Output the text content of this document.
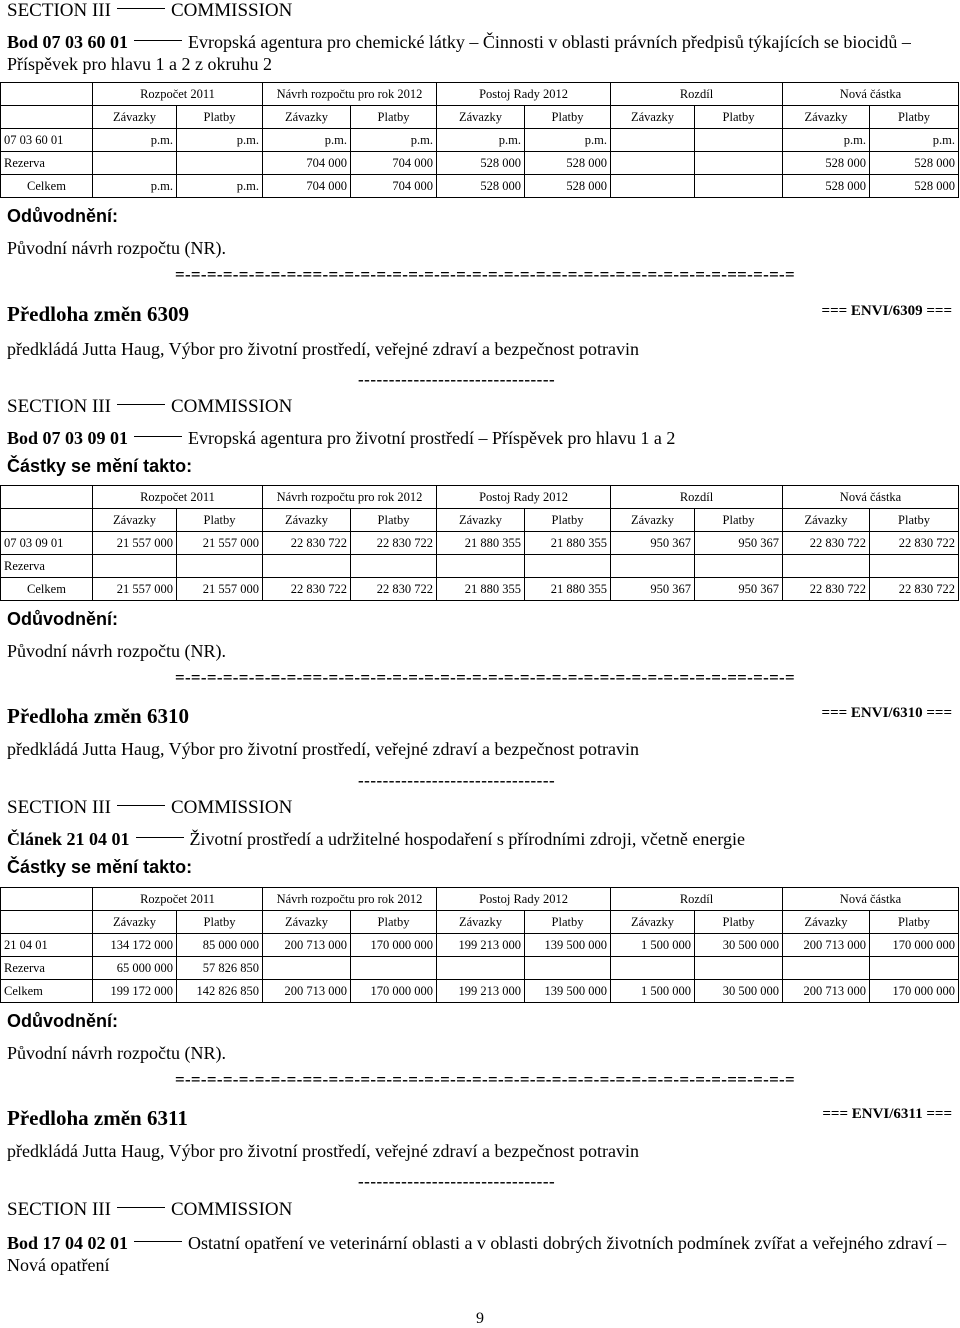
SECTION III	COMMISSION
Bod 07 03 60 01	Evropská agentura pro chemické látky – Činnosti v oblasti právních předpisů týkajících se biocidů – Příspěvek pro hlavu 1 a 2 z okruhu 2
	Rozpočet 2011		Návrh rozpočtu pro rok 2012		Postoj Rady 2012		Rozdíl		Nová částka	
	Závazky	Platby	Závazky	Platby	Závazky	Platby	Závazky	Platby	Závazky	Platby
07 03 60 01	p.m.	p.m.	p.m.	p.m.	p.m.	p.m.			p.m.	p.m.
Rezerva			704 000	704 000	528 000	528 000			528 000	528 000
Celkem	p.m.	p.m.	704 000	704 000	528 000	528 000			528 000	528 000
Odůvodnění:
Původní návrh rozpočtu (NR).
=-=-=-=-=-=-=-=-==-=-=-=-=-=-=-=-=-=-=-=-=-=-=-=-=-=-=-=-=-=-=-=-=-=-==-=-=-=
Předloha změn 6309	=== ENVI/6309 ===
předkládá Jutta Haug, Výbor pro životní prostředí, veřejné zdraví a bezpečnost potravin
--------------------------------
SECTION III	COMMISSION
Bod 07 03 09 01	Evropská agentura pro životní prostředí – Příspěvek pro hlavu 1 a 2
Částky se mění takto:
	Rozpočet 2011		Návrh rozpočtu pro rok 2012		Postoj Rady 2012		Rozdíl		Nová částka	
	Závazky	Platby	Závazky	Platby	Závazky	Platby	Závazky	Platby	Závazky	Platby
07 03 09 01	21 557 000	21 557 000	22 830 722	22 830 722	21 880 355	21 880 355	950 367	950 367	22 830 722	22 830 722
Rezerva										
Celkem	21 557 000	21 557 000	22 830 722	22 830 722	21 880 355	21 880 355	950 367	950 367	22 830 722	22 830 722
Odůvodnění:
Původní návrh rozpočtu (NR).
=-=-=-=-=-=-=-=-==-=-=-=-=-=-=-=-=-=-=-=-=-=-=-=-=-=-=-=-=-=-=-=-=-=-==-=-=-=
Předloha změn 6310	=== ENVI/6310 ===
předkládá Jutta Haug, Výbor pro životní prostředí, veřejné zdraví a bezpečnost potravin
--------------------------------
SECTION III	COMMISSION
Článek 21 04 01	Životní prostředí a udržitelné hospodaření s přírodními zdroji, včetně energie
Částky se mění takto:
	Rozpočet 2011		Návrh rozpočtu pro rok 2012		Postoj Rady 2012		Rozdíl		Nová částka	
	Závazky	Platby	Závazky	Platby	Závazky	Platby	Závazky	Platby	Závazky	Platby
21 04 01	134 172 000	85 000 000	200 713 000	170 000 000	199 213 000	139 500 000	1 500 000	30 500 000	200 713 000	170 000 000
Rezerva	65 000 000	57 826 850								
Celkem	199 172 000	142 826 850	200 713 000	170 000 000	199 213 000	139 500 000	1 500 000	30 500 000	200 713 000	170 000 000
Odůvodnění:
Původní návrh rozpočtu (NR).
=-=-=-=-=-=-=-=-==-=-=-=-=-=-=-=-=-=-=-=-=-=-=-=-=-=-=-=-=-=-=-=-=-=-==-=-=-=
Předloha změn 6311	=== ENVI/6311 ===
předkládá Jutta Haug, Výbor pro životní prostředí, veřejné zdraví a bezpečnost potravin
--------------------------------
SECTION III	COMMISSION
Bod 17 04 02 01	Ostatní opatření ve veterinární oblasti a v oblasti dobrých životních podmínek zvířat a veřejného zdraví – Nová opatření
9
